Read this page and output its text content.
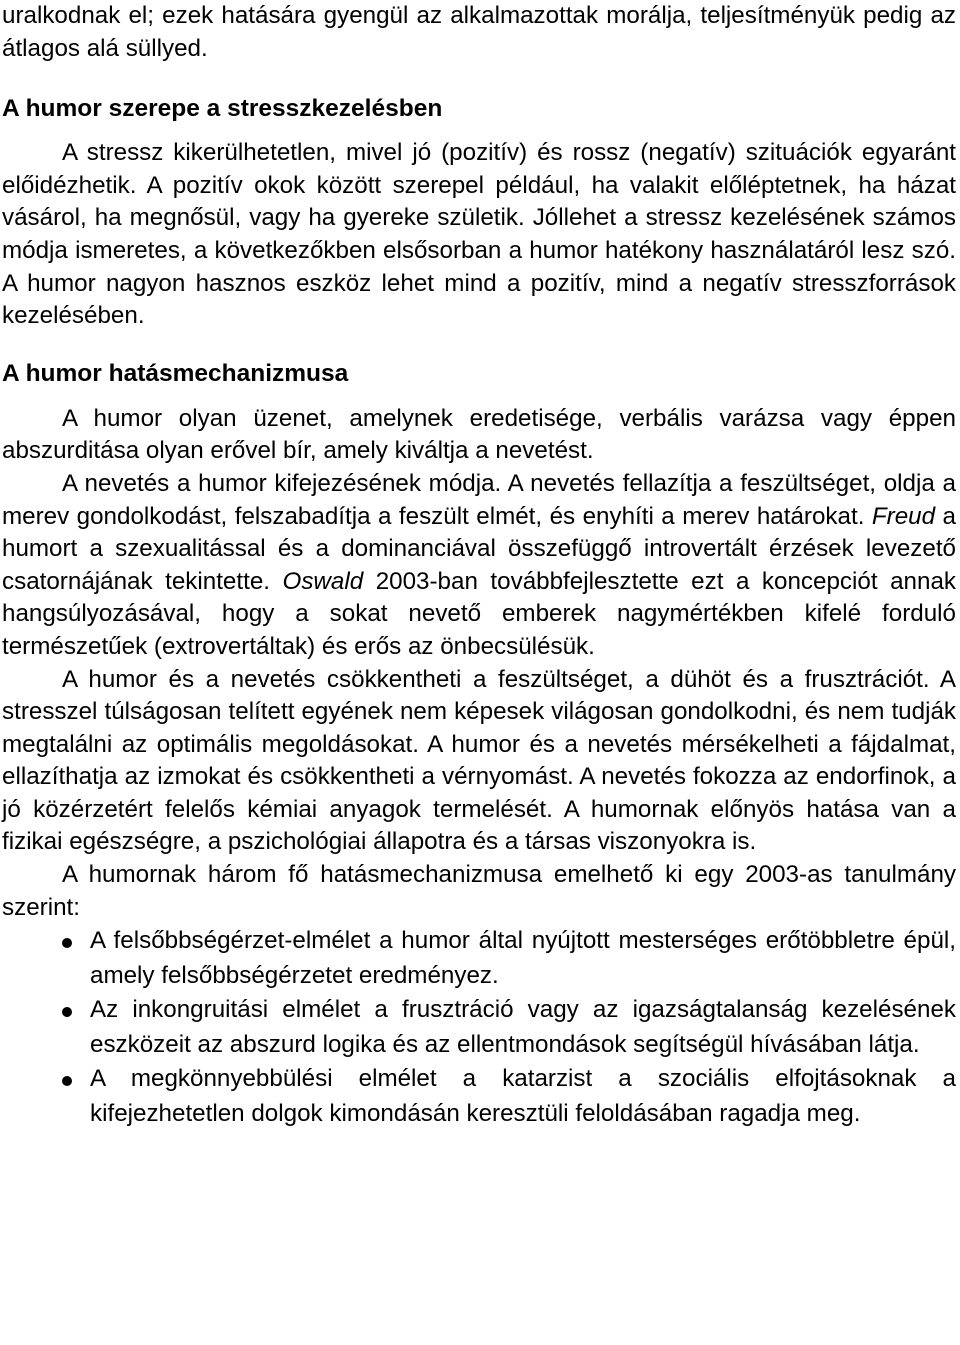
uralkodnak el; ezek hatására gyengül az alkalmazottak morálja, teljesítményük pedig az átlagos alá süllyed.

A humor szerepe a stresszkezelésben

A stressz kikerülhetetlen, mivel jó (pozitív) és rossz (negatív) szituációk egyaránt előidézhetik. A pozitív okok között szerepel például, ha valakit előléptetnek, ha házat vásárol, ha megnősül, vagy ha gyereke születik. Jóllehet a stressz kezelésének számos módja ismeretes, a következőkben elsősorban a humor hatékony használatáról lesz szó. A humor nagyon hasznos eszköz lehet mind a pozitív, mind a negatív stresszforrások kezelésében.

A humor hatásmechanizmusa

A humor olyan üzenet, amelynek eredetisége, verbális varázsa vagy éppen abszurditása olyan erővel bír, amely kiváltja a nevetést.

A nevetés a humor kifejezésének módja. A nevetés fellazítja a feszültséget, oldja a merev gondolkodást, felszabadítja a feszült elmét, és enyhíti a merev határokat. Freud a humort a szexualitással és a dominanciával összefüggő introvertált érzések levezető csatornájának tekintette. Oswald 2003-ban továbbfejlesztette ezt a koncepciót annak hangsúlyozásával, hogy a sokat nevető emberek nagymértékben kifelé forduló természetűek (extrovertáltak) és erős az önbecsülésük.

A humor és a nevetés csökkentheti a feszültséget, a dühöt és a frusztrációt. A stresszel túlságosan telített egyének nem képesek világosan gondolkodni, és nem tudják megtalálni az optimális megoldásokat. A humor és a nevetés mérsékelheti a fájdalmat, ellazíthatja az izmokat és csökkentheti a vérnyomást. A nevetés fokozza az endorfinok, a jó közérzetért felelős kémiai anyagok termelését. A humornak előnyös hatása van a fizikai egészségre, a pszichológiai állapotra és a társas viszonyokra is.

A humornak három fő hatásmechanizmusa emelhető ki egy 2003-as tanulmány szerint:

A felsőbbségérzet-elmélet a humor által nyújtott mesterséges erőtöbbletre épül, amely felsőbbségérzetet eredményez.
Az inkongruitási elmélet a frusztráció vagy az igazságtalanság kezelésének eszközeit az abszurd logika és az ellentmondások segítségül hívásában látja.
A megkönnyebbülési elmélet a katarzist a szociális elfojtásoknak a kifejezhetetlen dolgok kimondásán keresztüli feloldásában ragadja meg.
